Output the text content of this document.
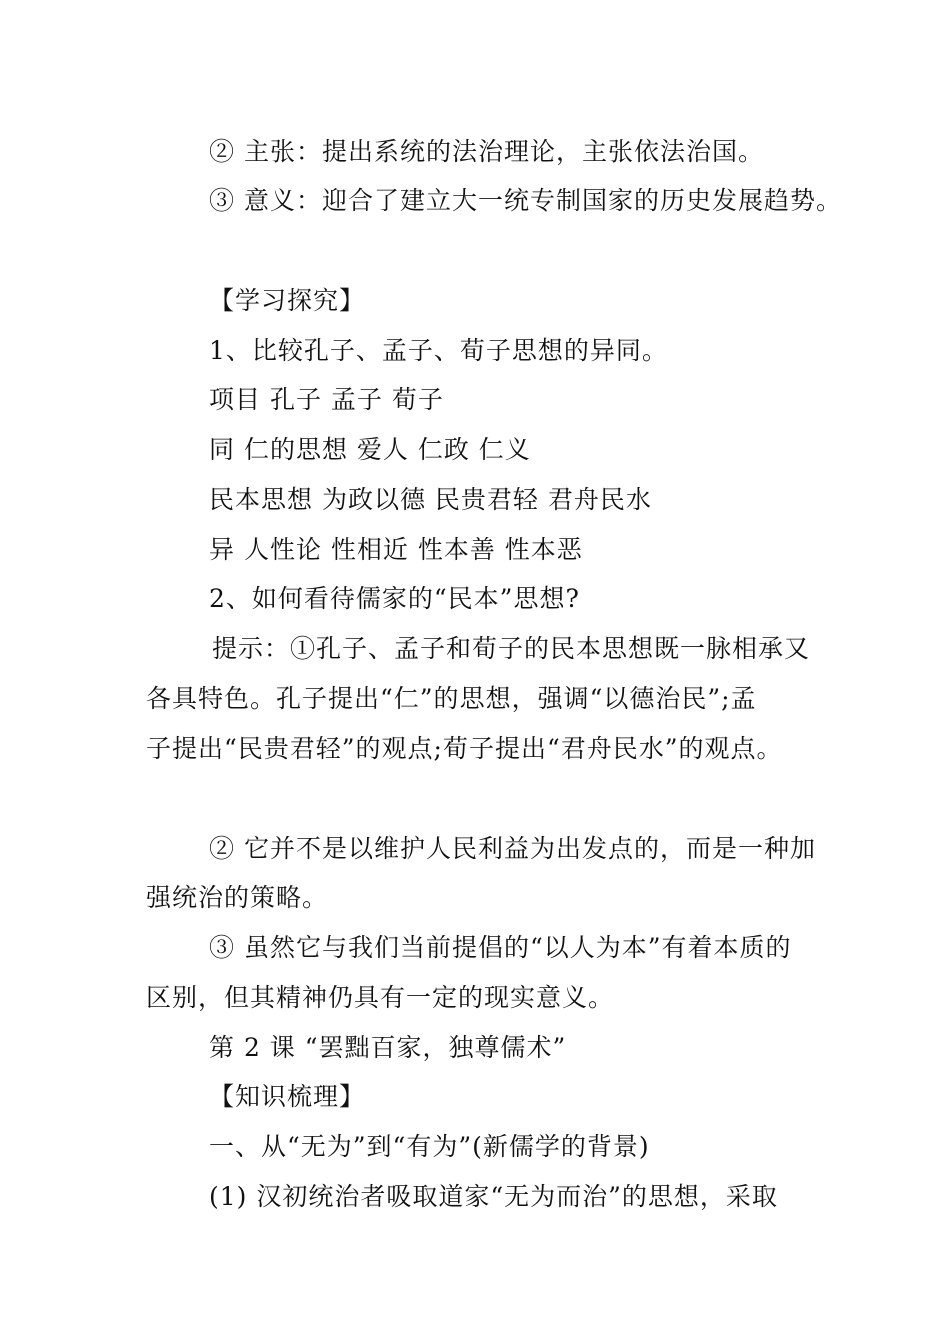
② 主张：提出系统的法治理论，主张依法治国。
③ 意义：迎合了建立大一统专制国家的历史发展趋势。
【学习探究】
1、比较孔子、孟子、荀子思想的异同。
项目 孔子 孟子 荀子
同 仁的思想 爱人 仁政 仁义
民本思想 为政以德 民贵君轻 君舟民水
异 人性论 性相近 性本善 性本恶
2、如何看待儒家的“民本”思想?
提示：①孔子、孟子和荀子的民本思想既一脉相承又
各具特色。孔子提出“仁”的思想，强调“以德治民”;孟
子提出“民贵君轻”的观点;荀子提出“君舟民水”的观点。
② 它并不是以维护人民利益为出发点的，而是一种加
强统治的策略。
③ 虽然它与我们当前提倡的“以人为本”有着本质的
区别，但其精神仍具有一定的现实意义。
第 2 课 “罢黜百家，独尊儒术”
【知识梳理】
一、从“无为”到“有为”(新儒学的背景)
(1) 汉初统治者吸取道家“无为而治”的思想，采取
